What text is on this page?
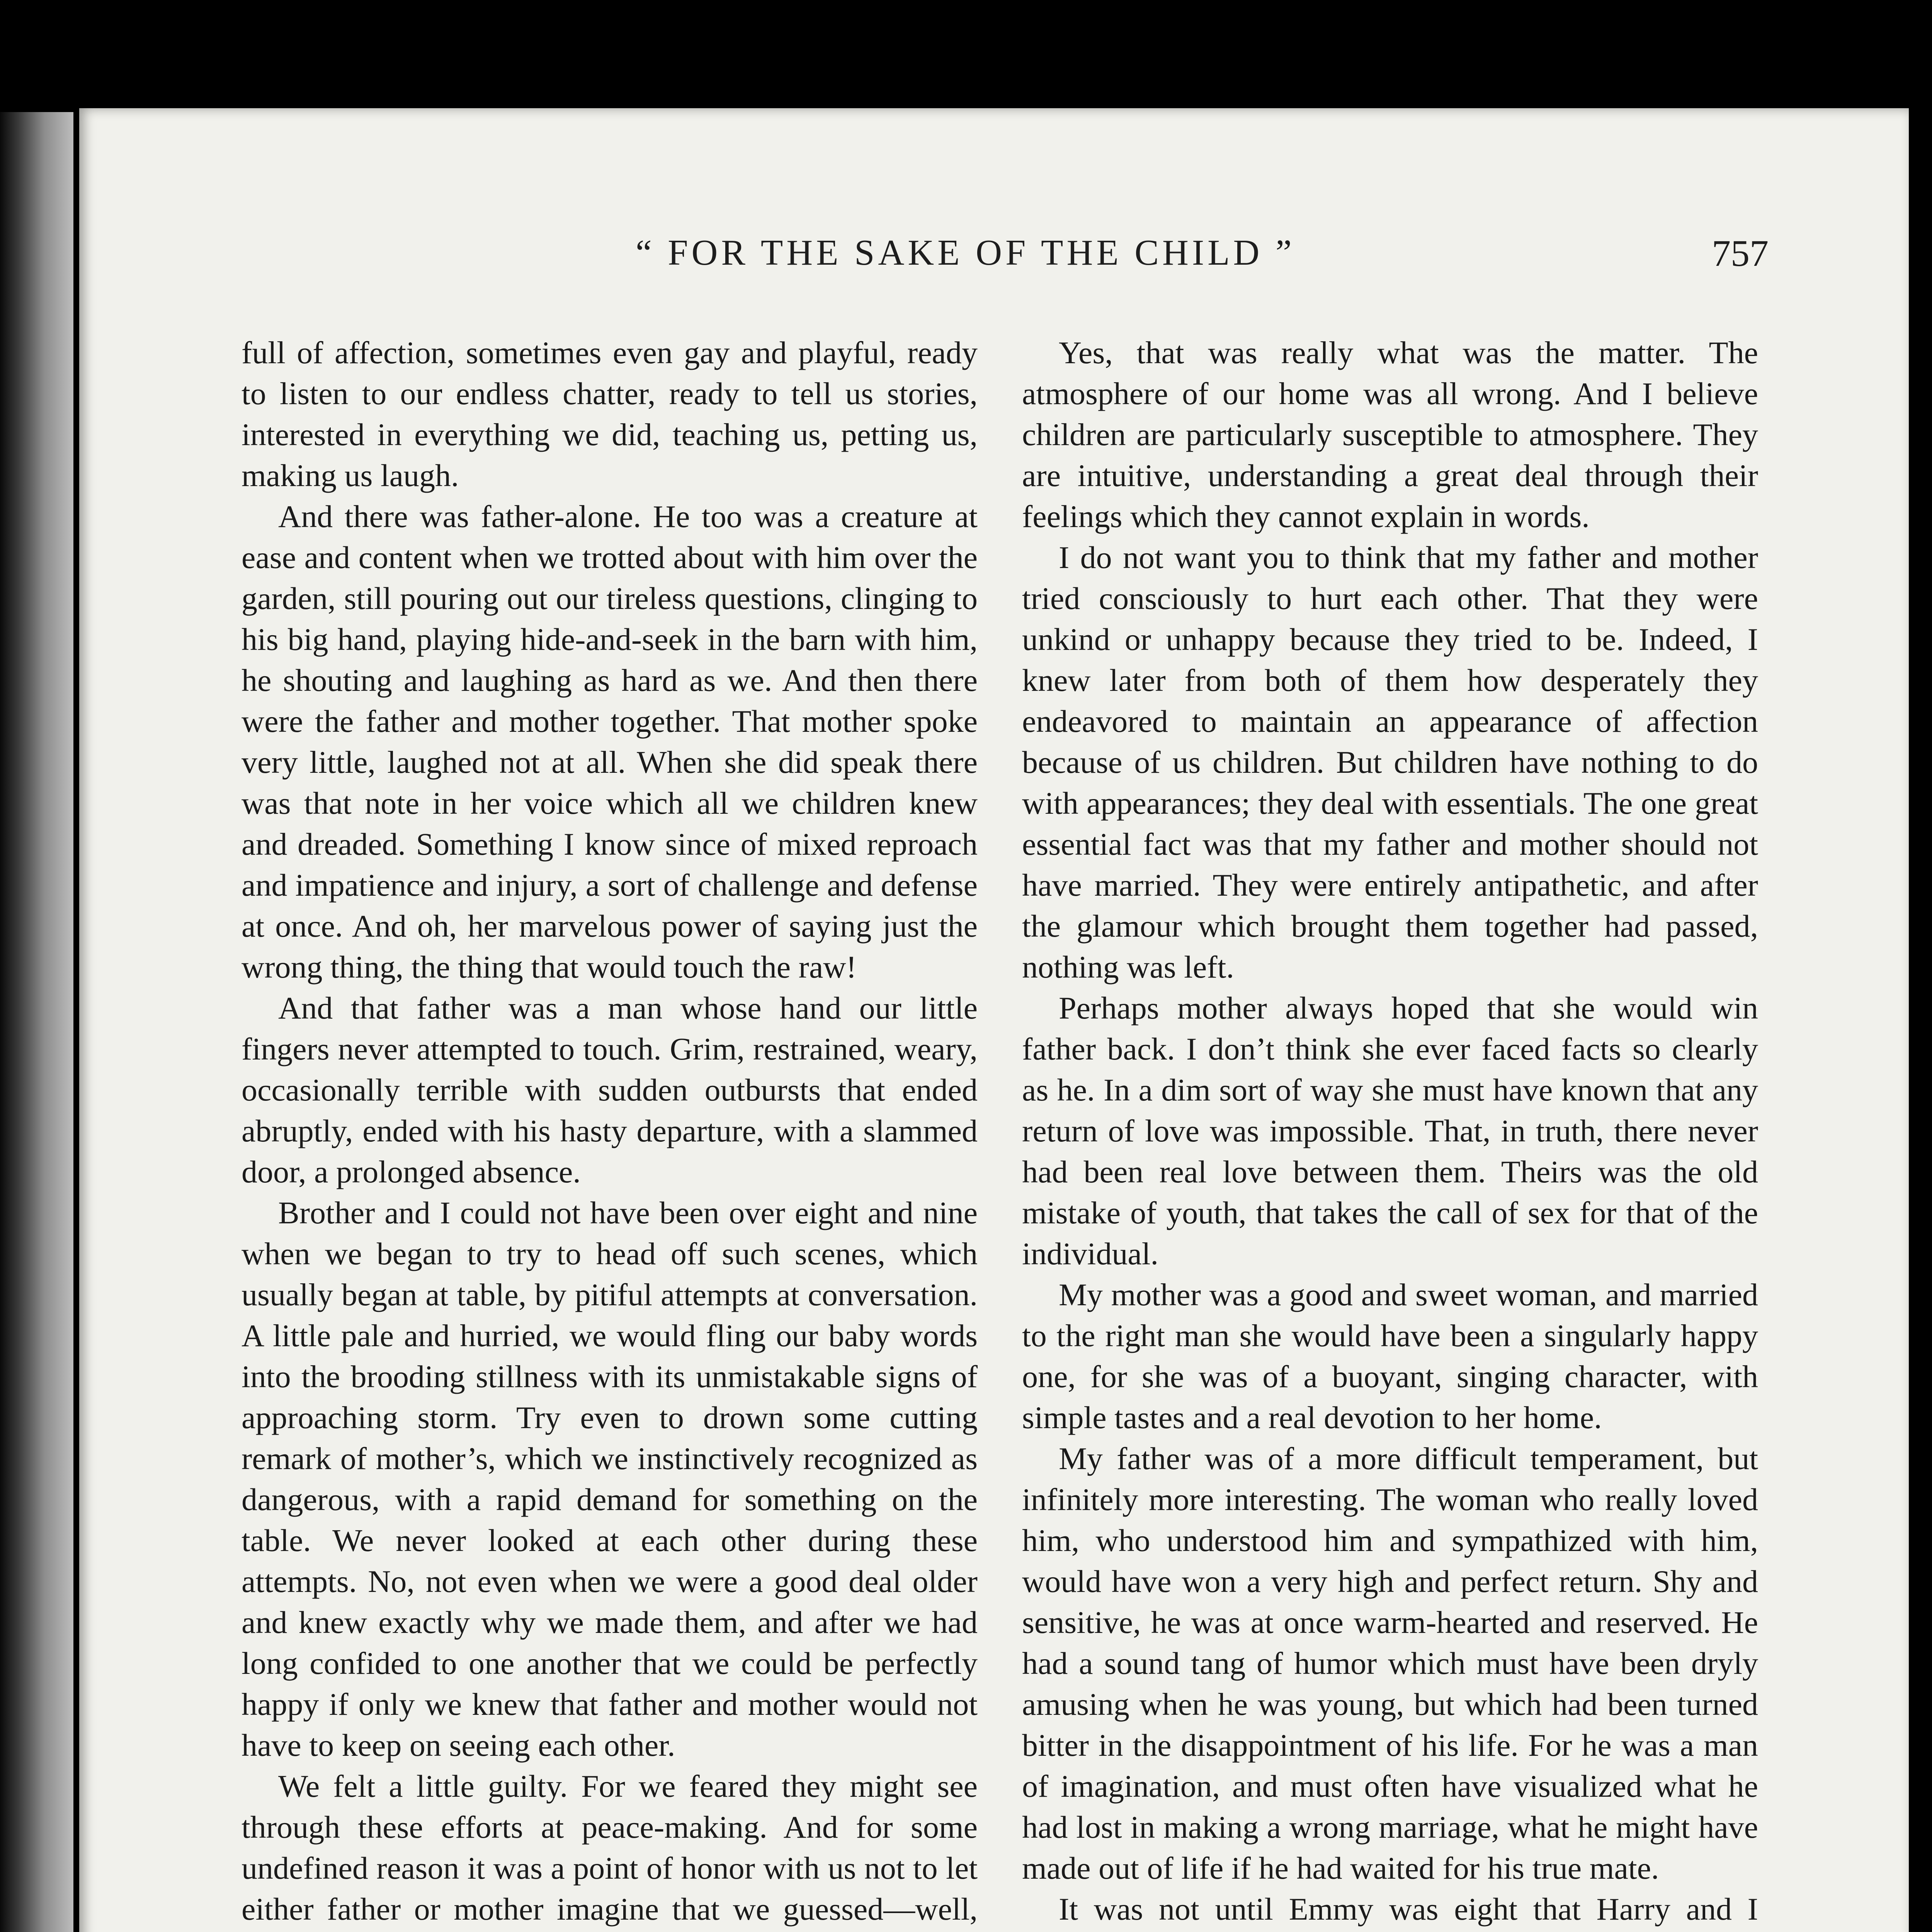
“ FOR THE SAKE OF THE CHILD ”	757

full of affection, sometimes even gay and playful, ready to listen to our endless chatter, ready to tell us stories, interested in everything we did, teaching us, petting us, making us laugh.

And there was father-alone. He too was a creature at ease and content when we trotted about with him over the garden, still pouring out our tireless questions, clinging to his big hand, playing hide-and-seek in the barn with him, he shouting and laughing as hard as we. And then there were the father and mother together. That mother spoke very little, laughed not at all. When she did speak there was that note in her voice which all we children knew and dreaded. Something I know since of mixed reproach and impatience and injury, a sort of challenge and defense at once. And oh, her marvelous power of saying just the wrong thing, the thing that would touch the raw!

And that father was a man whose hand our little fingers never attempted to touch. Grim, restrained, weary, occasionally terrible with sudden outbursts that ended abruptly, ended with his hasty departure, with a slammed door, a prolonged absence.

Brother and I could not have been over eight and nine when we began to try to head off such scenes, which usually began at table, by pitiful attempts at conversation. A little pale and hurried, we would fling our baby words into the brooding stillness with its unmistakable signs of approaching storm. Try even to drown some cutting remark of mother’s, which we instinctively recognized as dangerous, with a rapid demand for something on the table. We never looked at each other during these attempts. No, not even when we were a good deal older and knew exactly why we made them, and after we had long confided to one another that we could be perfectly happy if only we knew that father and mother would not have to keep on seeing each other.

We felt a little guilty. For we feared they might see through these efforts at peace-making. And for some undefined reason it was a point of honor with us not to let either father or mother imagine that we guessed—well,

Yes, that was really what was the matter. The atmosphere of our home was all wrong. And I believe children are particularly susceptible to atmosphere. They are intuitive, understanding a great deal through their feelings which they cannot explain in words.

I do not want you to think that my father and mother tried consciously to hurt each other. That they were unkind or unhappy because they tried to be. Indeed, I knew later from both of them how desperately they endeavored to maintain an appearance of affection because of us children. But children have nothing to do with appearances; they deal with essentials. The one great essential fact was that my father and mother should not have married. They were entirely antipathetic, and after the glamour which brought them together had passed, nothing was left.

Perhaps mother always hoped that she would win father back. I don’t think she ever faced facts so clearly as he. In a dim sort of way she must have known that any return of love was impossible. That, in truth, there never had been real love between them. Theirs was the old mistake of youth, that takes the call of sex for that of the individual.

My mother was a good and sweet woman, and married to the right man she would have been a singularly happy one, for she was of a buoyant, singing character, with simple tastes and a real devotion to her home.

My father was of a more difficult temperament, but infinitely more interesting. The woman who really loved him, who understood him and sympathized with him, would have won a very high and perfect return. Shy and sensitive, he was at once warm-hearted and reserved. He had a sound tang of humor which must have been dryly amusing when he was young, but which had been turned bitter in the disappointment of his life. For he was a man of imagination, and must often have visualized what he had lost in making a wrong marriage, what he might have made out of life if he had waited for his true mate.

It was not until Emmy was eight that Harry and I
